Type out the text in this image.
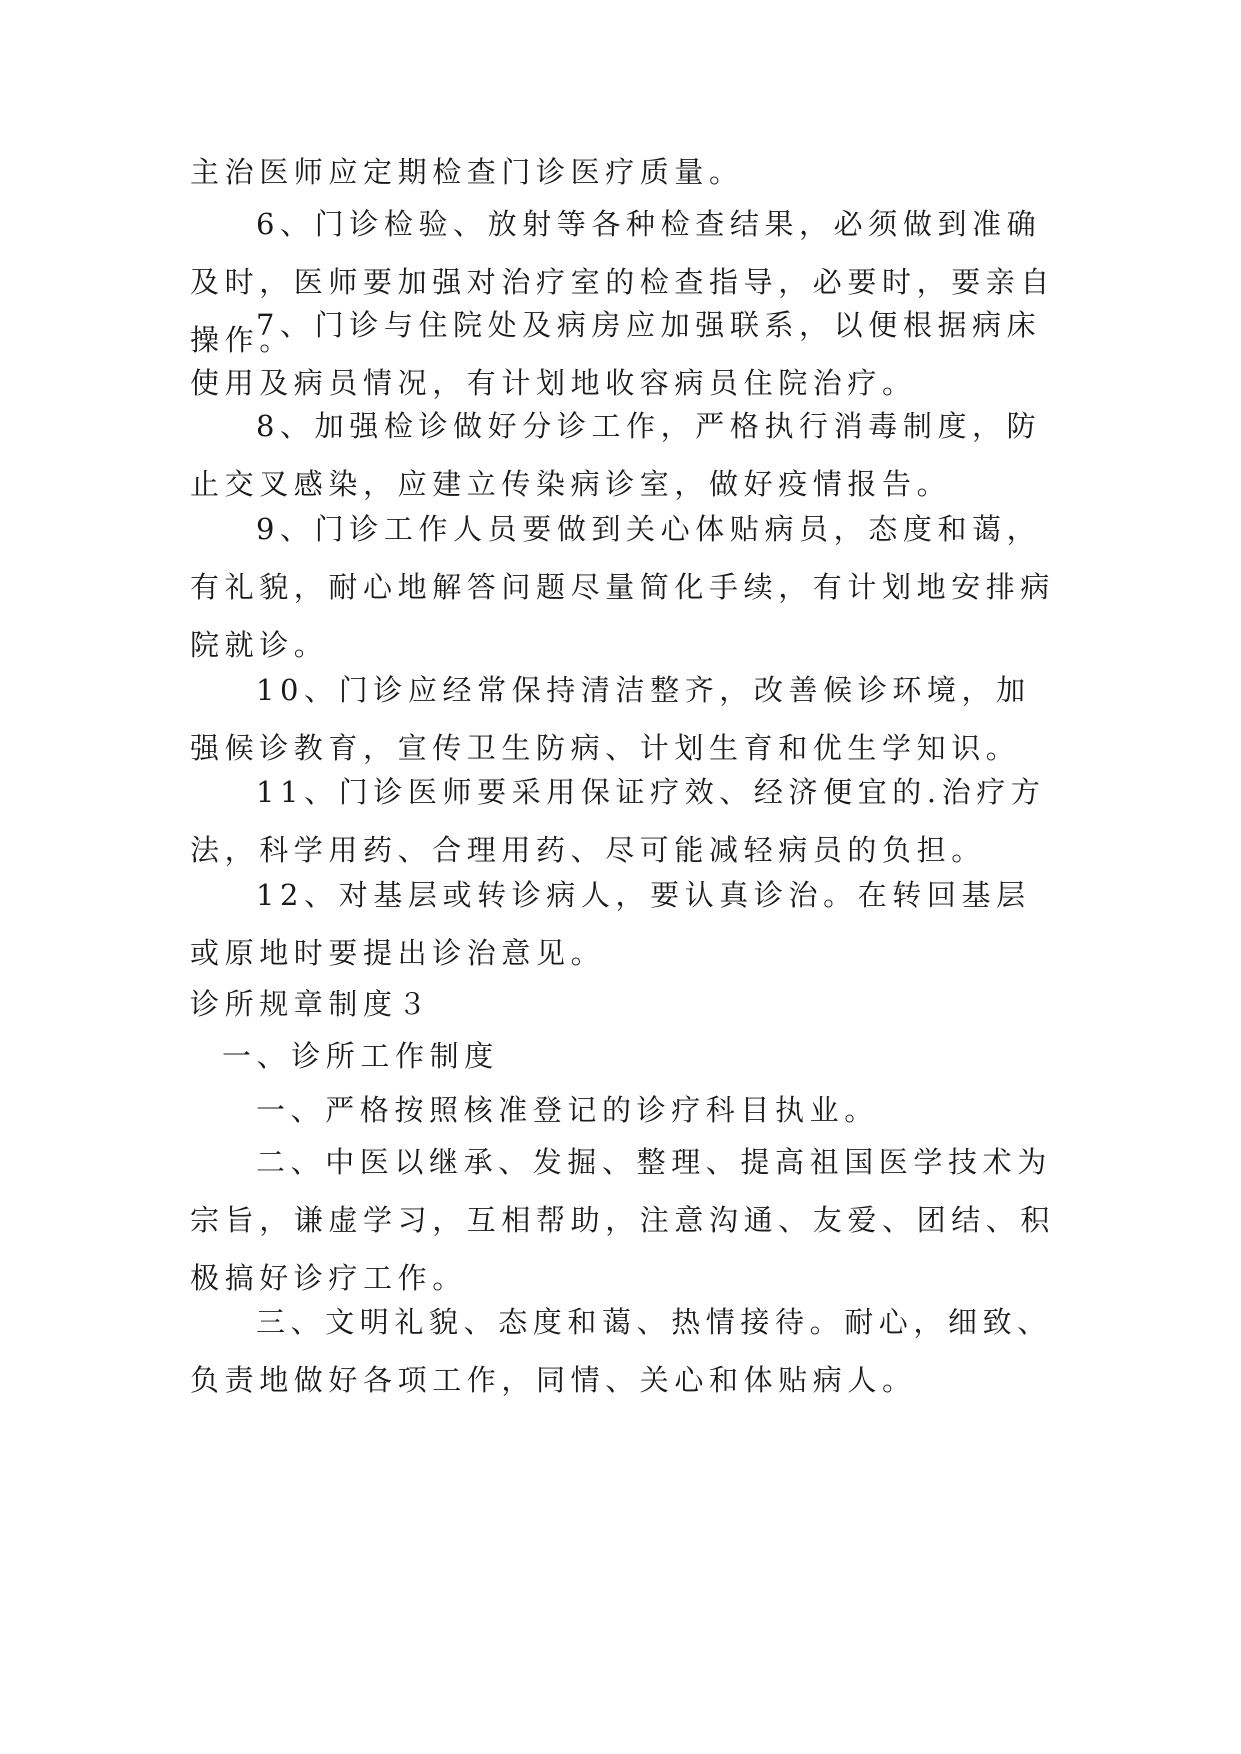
主治医师应定期检查门诊医疗质量。

6、门诊检验、放射等各种检查结果，必须做到准确及时，医师要加强对治疗室的检查指导，必要时，要亲自操作。

7、门诊与住院处及病房应加强联系，以便根据病床使用及病员情况，有计划地收容病员住院治疗。

8、加强检诊做好分诊工作，严格执行消毒制度，防止交叉感染，应建立传染病诊室，做好疫情报告。

9、门诊工作人员要做到关心体贴病员，态度和蔼，有礼貌，耐心地解答问题尽量简化手续，有计划地安排病院就诊。

10、门诊应经常保持清洁整齐，改善候诊环境，加强候诊教育，宣传卫生防病、计划生育和优生学知识。

11、门诊医师要采用保证疗效、经济便宜的.治疗方法，科学用药、合理用药、尽可能减轻病员的负担。

12、对基层或转诊病人，要认真诊治。在转回基层或原地时要提出诊治意见。

诊所规章制度３

一、诊所工作制度

一、严格按照核准登记的诊疗科目执业。

二、中医以继承、发掘、整理、提高祖国医学技术为宗旨，谦虚学习，互相帮助，注意沟通、友爱、团结、积极搞好诊疗工作。

三、文明礼貌、态度和蔼、热情接待。耐心，细致、负责地做好各项工作，同情、关心和体贴病人。
